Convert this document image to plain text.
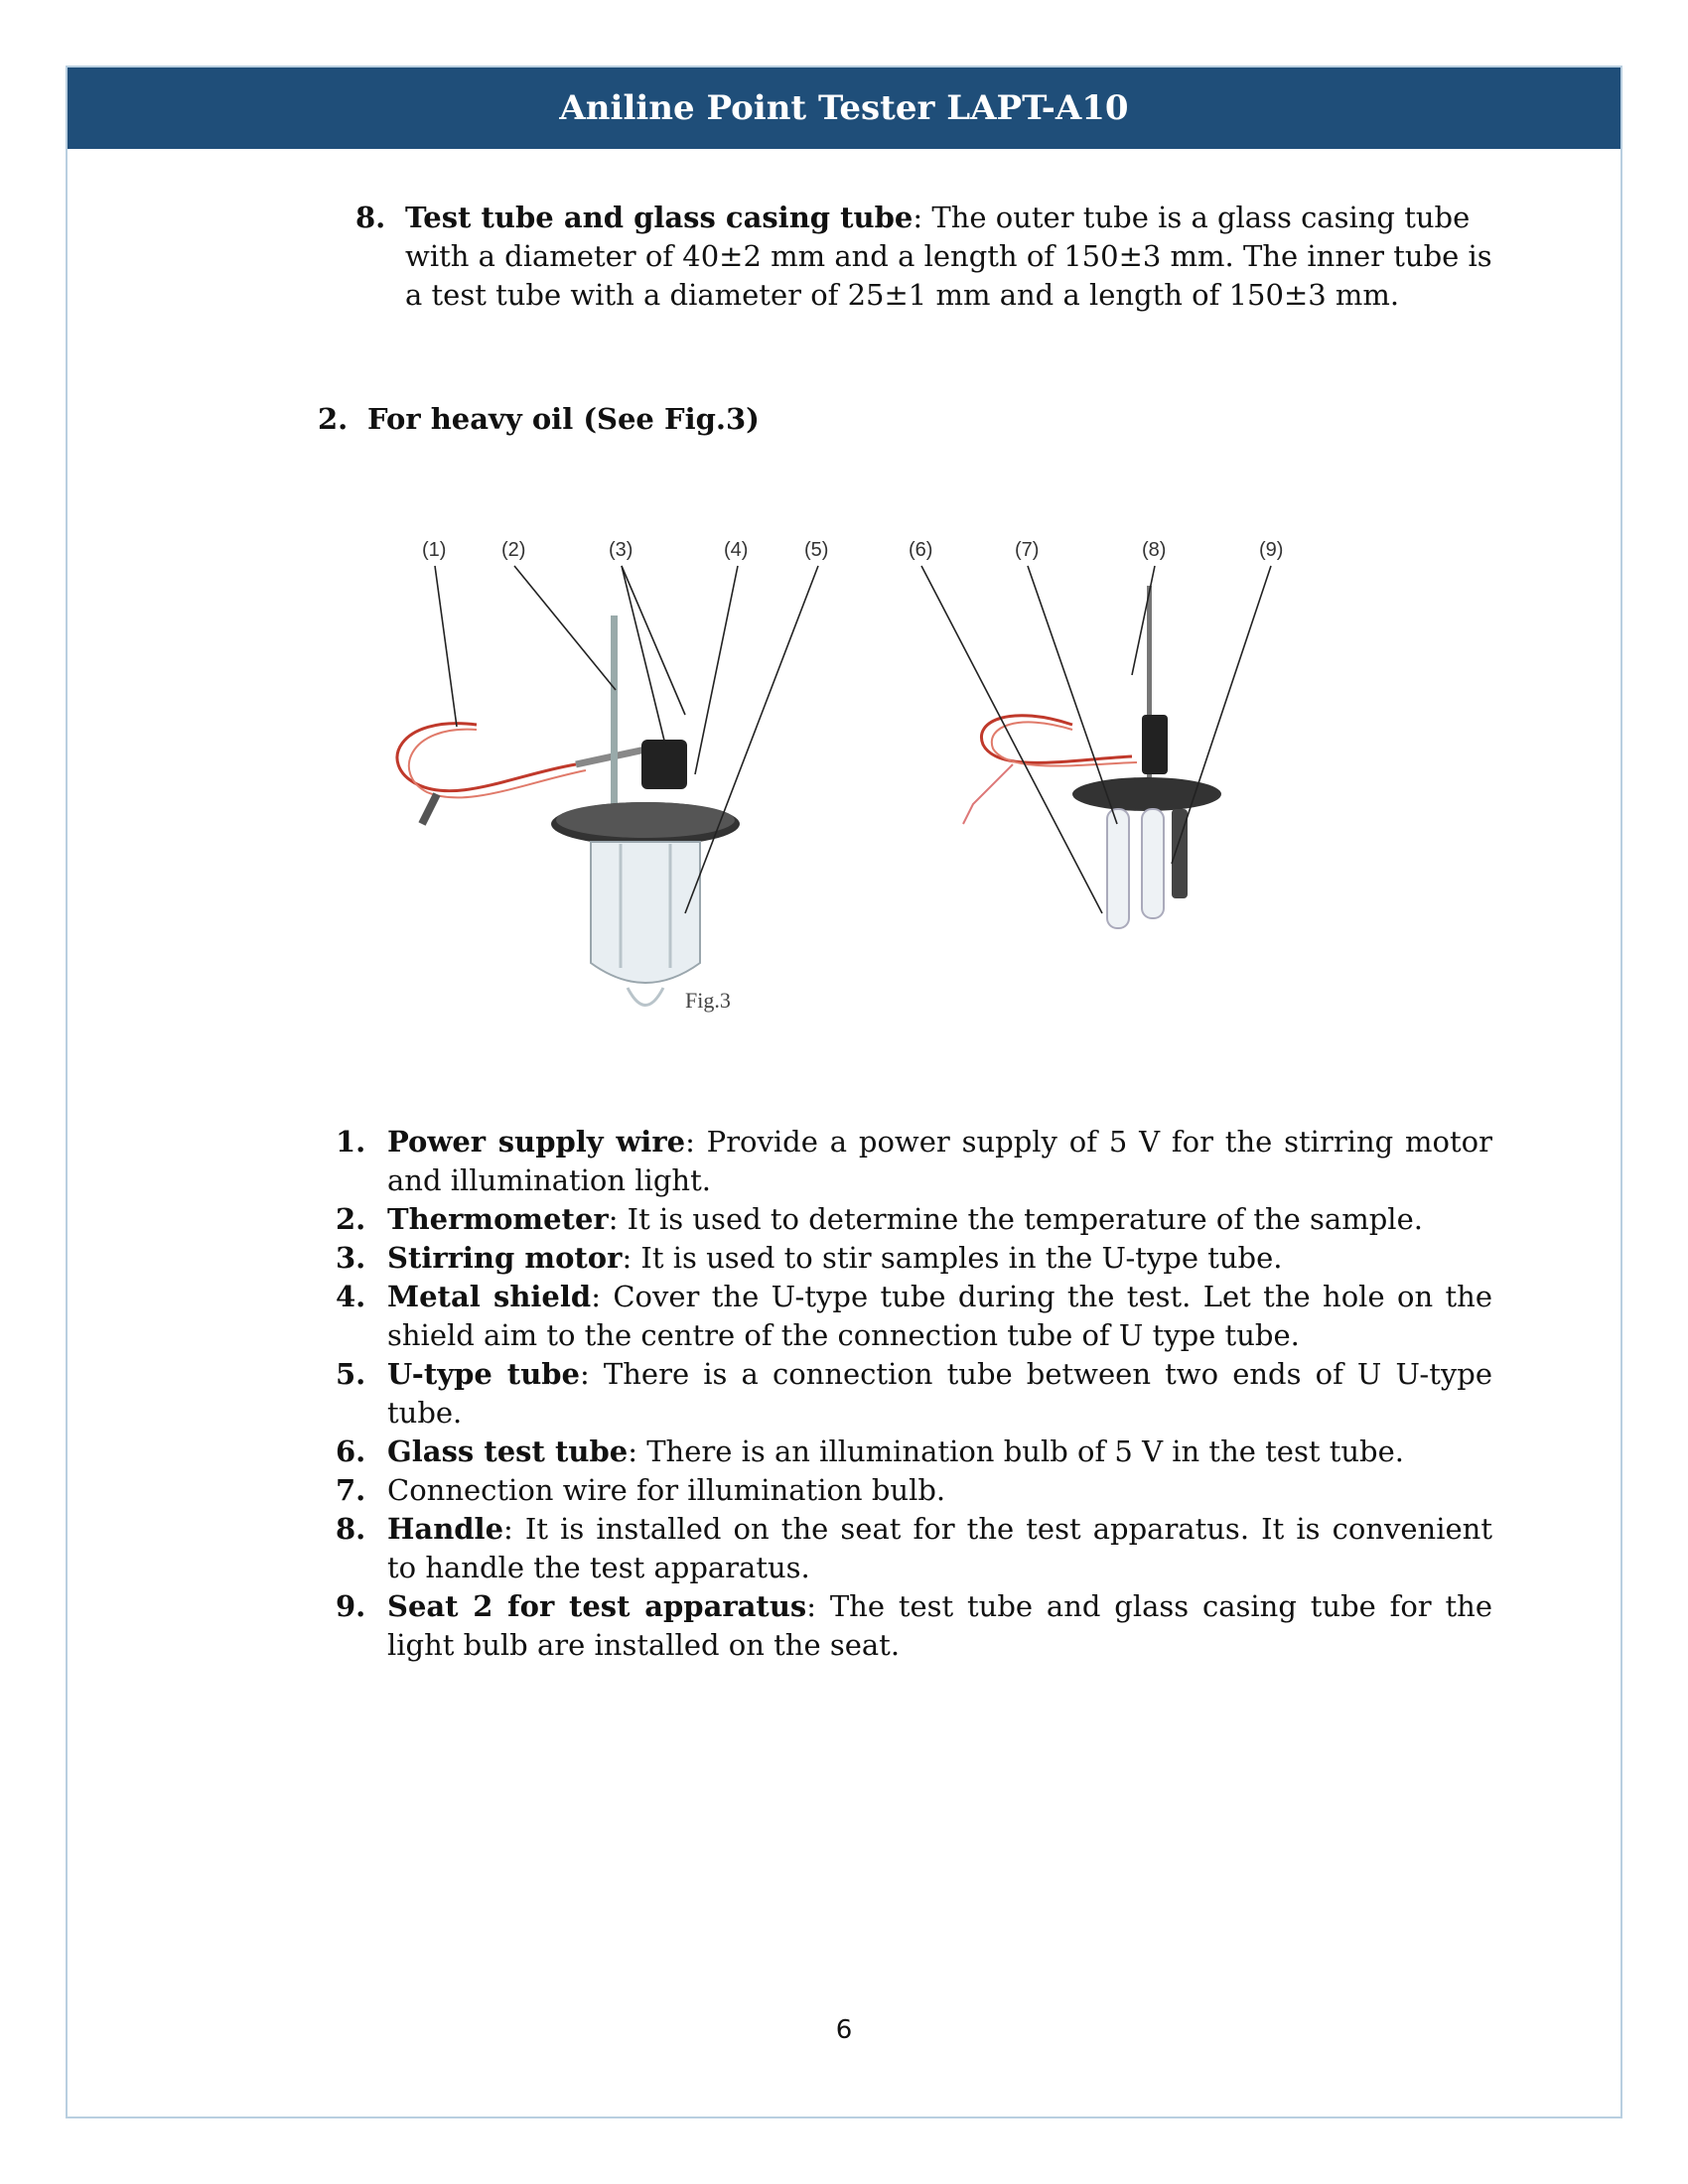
Aniline Point Tester LAPT-A10
8. Test tube and glass casing tube: The outer tube is a glass casing tube with a diameter of 40±2 mm and a length of 150±3 mm. The inner tube is a test tube with a diameter of 25±1 mm and a length of 150±3 mm.
2. For heavy oil (See Fig.3)
(1)	(2)	(3)	(4)	(5)	(6)	(7)	(8)	(9)
Fig.3
1. Power supply wire: Provide a power supply of 5 V for the stirring motor and illumination light.
2. Thermometer: It is used to determine the temperature of the sample.
3. Stirring motor: It is used to stir samples in the U-type tube.
4. Metal shield: Cover the U-type tube during the test. Let the hole on the shield aim to the centre of the connection tube of U type tube.
5. U-type tube: There is a connection tube between two ends of U U-type tube.
6. Glass test tube: There is an illumination bulb of 5 V in the test tube.
7. Connection wire for illumination bulb.
8. Handle: It is installed on the seat for the test apparatus. It is convenient to handle the test apparatus.
9. Seat 2 for test apparatus: The test tube and glass casing tube for the light bulb are installed on the seat.
6
